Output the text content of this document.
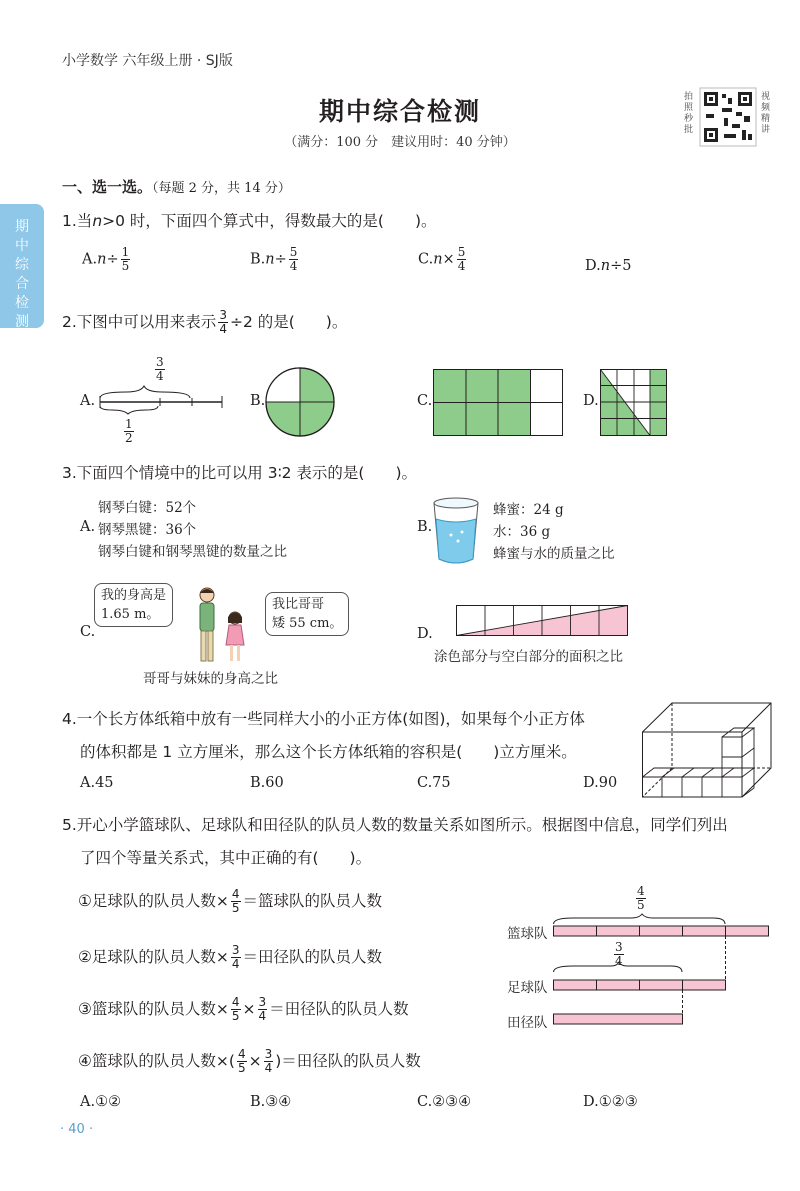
小学数学 六年级上册 · SJ版
期中综合检测
（满分：100 分　建议用时：40 分钟）
拍照秒批
视频精讲
期中综合检测
一、选一选。（每题 2 分，共 14 分）
1.当n>0 时，下面四个算式中，得数最大的是(　　)。
$A.n\div \frac{1}{5}$	$B.n\div \frac{5}{4}$	$C.n\times \frac{5}{4}$	D.n÷5
2.下图中可以用来表示 $\frac{3}{4} \div 2$ 的是(　　)。
A.
$\frac{3}{4}$
$\frac{1}{2}$
B.	C.	D.
3.下面四个情境中的比可以用 3∶2 表示的是(　　)。
钢琴白键：52个
A. 钢琴黑键：36个
钢琴白键和钢琴黑键的数量之比
B.
蜂蜜：24 g
水：36 g
蜂蜜与水的质量之比
C.
我的身高是
1.65 m。
我比哥哥
矮 55 cm。
哥哥与妹妹的身高之比
D.
涂色部分与空白部分的面积之比
4.一个长方体纸箱中放有一些同样大小的小正方体(如图)，如果每个小正方体
的体积都是 1 立方厘米，那么这个长方体纸箱的容积是(　　)立方厘米。
A.45	B.60	C.75	D.90
5.开心小学篮球队、足球队和田径队的队员人数的数量关系如图所示。根据图中信息，同学们列出
了四个等量关系式，其中正确的有(　　)。
①足球队的队员人数× $\frac{4}{5}$ ＝篮球队的队员人数
②足球队的队员人数× $\frac{3}{4}$ ＝田径队的队员人数
③篮球队的队员人数× $\frac{4}{5} \times \frac{3}{4}$ ＝田径队的队员人数
④篮球队的队员人数×( $\frac{4}{5} \times \frac{3}{4}$ )＝田径队的队员人数
$\frac{4}{5}$
篮球队
$\frac{3}{4}$
足球队
田径队
A.①②	B.③④	C.②③④	D.①②③
· 40 ·
